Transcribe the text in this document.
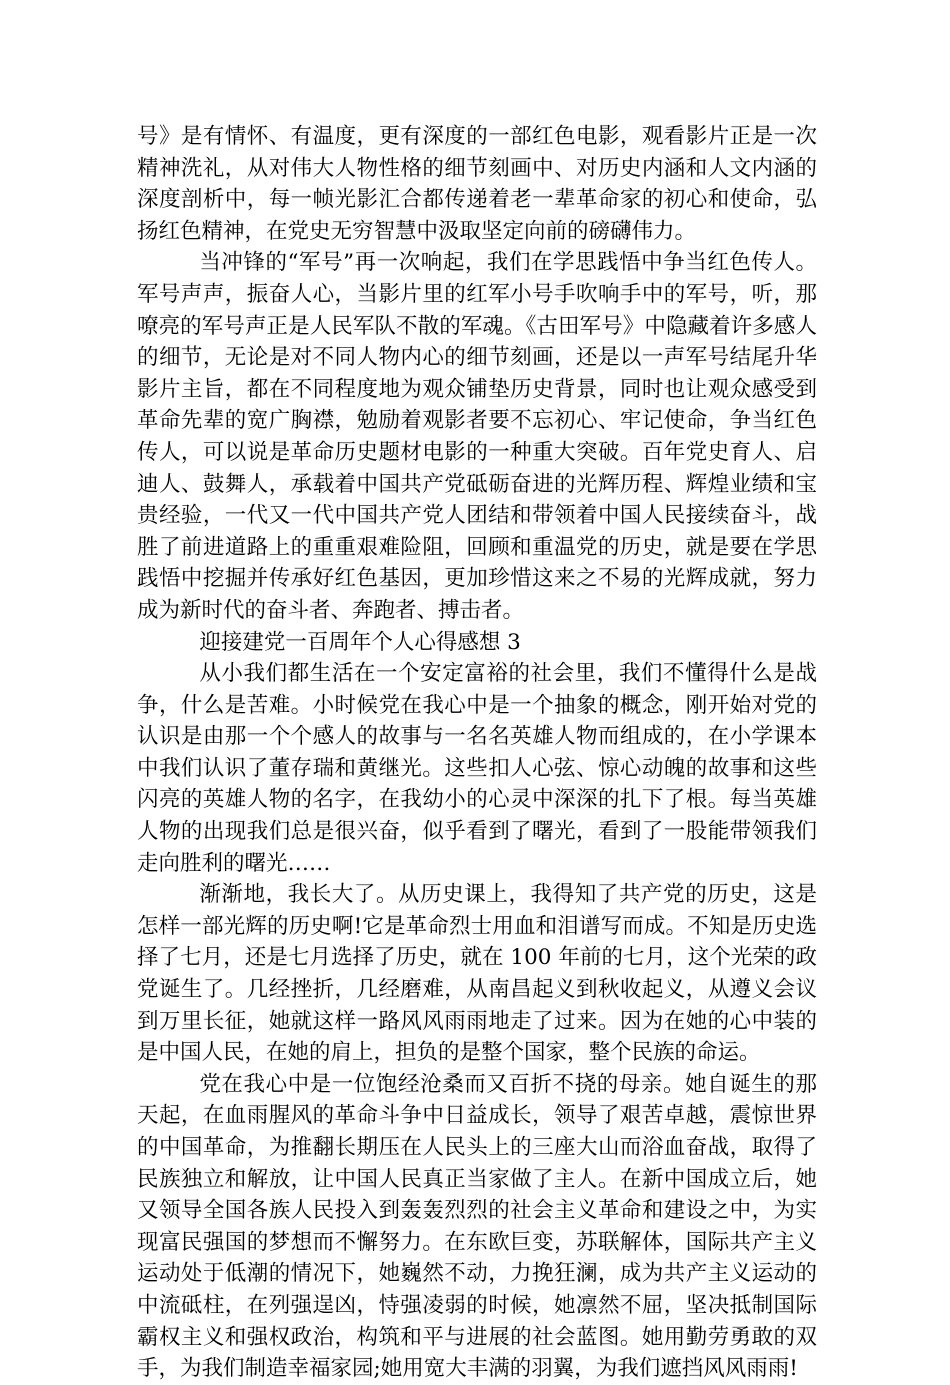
号》是有情怀、有温度，更有深度的一部红色电影，观看影片正是一次精神洗礼，从对伟大人物性格的细节刻画中、对历史内涵和人文内涵的深度剖析中，每一帧光影汇合都传递着老一辈革命家的初心和使命，弘扬红色精神，在党史无穷智慧中汲取坚定向前的磅礴伟力。

当冲锋的“军号”再一次响起，我们在学思践悟中争当红色传人。军号声声，振奋人心，当影片里的红军小号手吹响手中的军号，听，那嘹亮的军号声正是人民军队不散的军魂。《古田军号》中隐藏着许多感人的细节，无论是对不同人物内心的细节刻画，还是以一声军号结尾升华影片主旨，都在不同程度地为观众铺垫历史背景，同时也让观众感受到革命先辈的宽广胸襟，勉励着观影者要不忘初心、牢记使命，争当红色传人，可以说是革命历史题材电影的一种重大突破。百年党史育人、启迪人、鼓舞人，承载着中国共产党砥砺奋进的光辉历程、辉煌业绩和宝贵经验，一代又一代中国共产党人团结和带领着中国人民接续奋斗，战胜了前进道路上的重重艰难险阻，回顾和重温党的历史，就是要在学思践悟中挖掘并传承好红色基因，更加珍惜这来之不易的光辉成就，努力成为新时代的奋斗者、奔跑者、搏击者。

迎接建党一百周年个人心得感想 3

从小我们都生活在一个安定富裕的社会里，我们不懂得什么是战争，什么是苦难。小时候党在我心中是一个抽象的概念，刚开始对党的认识是由那一个个感人的故事与一名名英雄人物而组成的，在小学课本中我们认识了董存瑞和黄继光。这些扣人心弦、惊心动魄的故事和这些闪亮的英雄人物的名字，在我幼小的心灵中深深的扎下了根。每当英雄人物的出现我们总是很兴奋，似乎看到了曙光，看到了一股能带领我们走向胜利的曙光……

渐渐地，我长大了。从历史课上，我得知了共产党的历史，这是怎样一部光辉的历史啊!它是革命烈士用血和泪谱写而成。不知是历史选择了七月，还是七月选择了历史，就在 100 年前的七月，这个光荣的政党诞生了。几经挫折，几经磨难，从南昌起义到秋收起义，从遵义会议到万里长征，她就这样一路风风雨雨地走了过来。因为在她的心中装的是中国人民，在她的肩上，担负的是整个国家，整个民族的命运。

党在我心中是一位饱经沧桑而又百折不挠的母亲。她自诞生的那天起，在血雨腥风的革命斗争中日益成长，领导了艰苦卓越，震惊世界的中国革命，为推翻长期压在人民头上的三座大山而浴血奋战，取得了民族独立和解放，让中国人民真正当家做了主人。在新中国成立后，她又领导全国各族人民投入到轰轰烈烈的社会主义革命和建设之中，为实现富民强国的梦想而不懈努力。在东欧巨变，苏联解体，国际共产主义运动处于低潮的情况下，她巍然不动，力挽狂澜，成为共产主义运动的中流砥柱，在列强逞凶，恃强凌弱的时候，她凛然不屈，坚决抵制国际霸权主义和强权政治，构筑和平与进展的社会蓝图。她用勤劳勇敢的双手，为我们制造幸福家园;她用宽大丰满的羽翼，为我们遮挡风风雨雨!
